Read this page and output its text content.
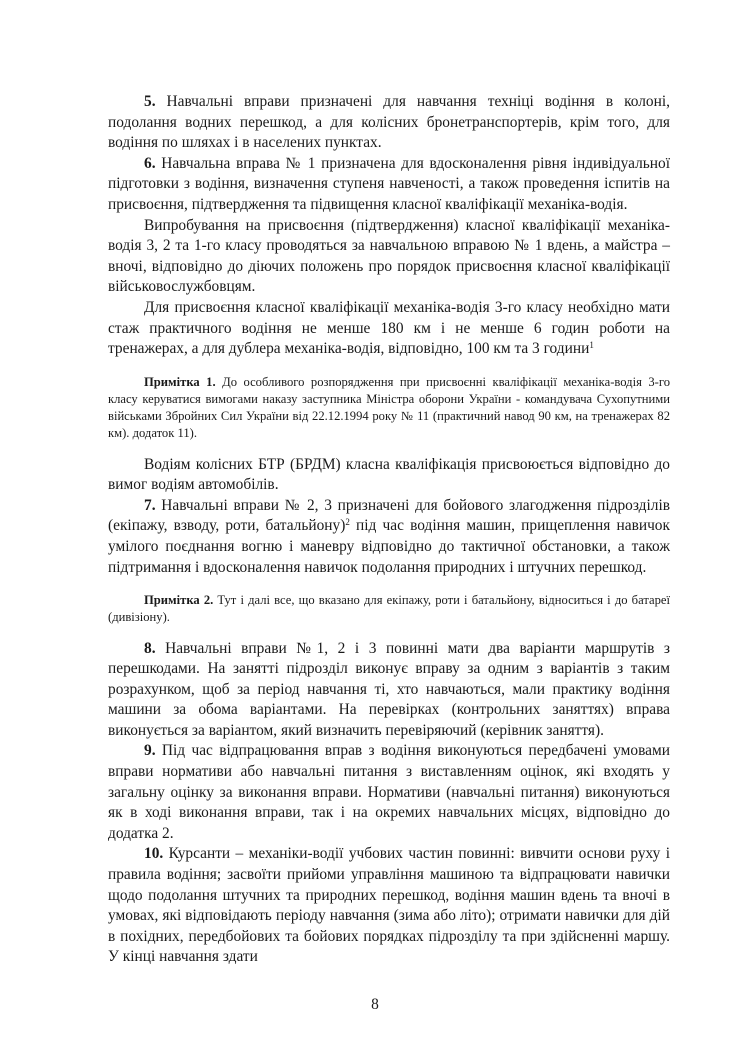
5. Навчальні вправи призначені для навчання техніці водіння в колоні, подолання водних перешкод, а для колісних бронетранспортерів, крім того, для водіння по шляхах і в населених пунктах.

6. Навчальна вправа № 1 призначена для вдосконалення рівня індивідуальної підготовки з водіння, визначення ступеня навченості, а також проведення іспитів на присвоєння, підтвердження та підвищення класної кваліфікації механіка-водія.

Випробування на присвоєння (підтвердження) класної кваліфікації механіка-водія 3, 2 та 1-го класу проводяться за навчальною вправою № 1 вдень, а майстра – вночі, відповідно до діючих положень про порядок присвоєння класної кваліфікації військовослужбовцям.

Для присвоєння класної кваліфікації механіка-водія 3-го класу необхідно мати стаж практичного водіння не менше 180 км і не менше 6 годин роботи на тренажерах, а для дублера механіка-водія, відповідно, 100 км та 3 години$^1$

Примітка 1. До особливого розпорядження при присвоєнні кваліфікації механіка-водія 3-го класу керуватися вимогами наказу заступника Міністра оборони України - командувача Сухопутними військами Збройних Сил України від 22.12.1994 року № 11 (практичний навод 90 км, на тренажерах 82 км). додаток 11).

Водіям колісних БТР (БРДМ) класна кваліфікація присвоюється відповідно до вимог водіям автомобілів.

7. Навчальні вправи № 2, 3 призначені для бойового злагодження підрозділів (екіпажу, взводу, роти, батальйону)$^2$ під час водіння машин, прищеплення навичок умілого поєднання вогню і маневру відповідно до тактичної обстановки, а також підтримання і вдосконалення навичок подолання природних і штучних перешкод.

Примітка 2. Тут і далі все, що вказано для екіпажу, роти і батальйону, відноситься і до батареї (дивізіону).

8. Навчальні вправи №1, 2 і 3 повинні мати два варіанти маршрутів з перешкодами. На занятті підрозділ виконує вправу за одним з варіантів з таким розрахунком, щоб за період навчання ті, хто навчаються, мали практику водіння машини за обома варіантами. На перевірках (контрольних заняттях) вправа виконується за варіантом, який визначить перевіряючий (керівник заняття).

9. Під час відпрацювання вправ з водіння виконуються передбачені умовами вправи нормативи або навчальні питання з виставленням оцінок, які входять у загальну оцінку за виконання вправи. Нормативи (навчальні питання) виконуються як в ході виконання вправи, так і на окремих навчальних місцях, відповідно до додатка 2.

10. Курсанти – механіки-водії учбових частин повинні: вивчити основи руху і правила водіння; засвоїти прийоми управління машиною та відпрацювати навички щодо подолання штучних та природних перешкод, водіння машин вдень та вночі в умовах, які відповідають періоду навчання (зима або літо); отримати навички для дій в похідних, передбойових та бойових порядках підрозділу та при здійсненні маршу. У кінці навчання здати

8
